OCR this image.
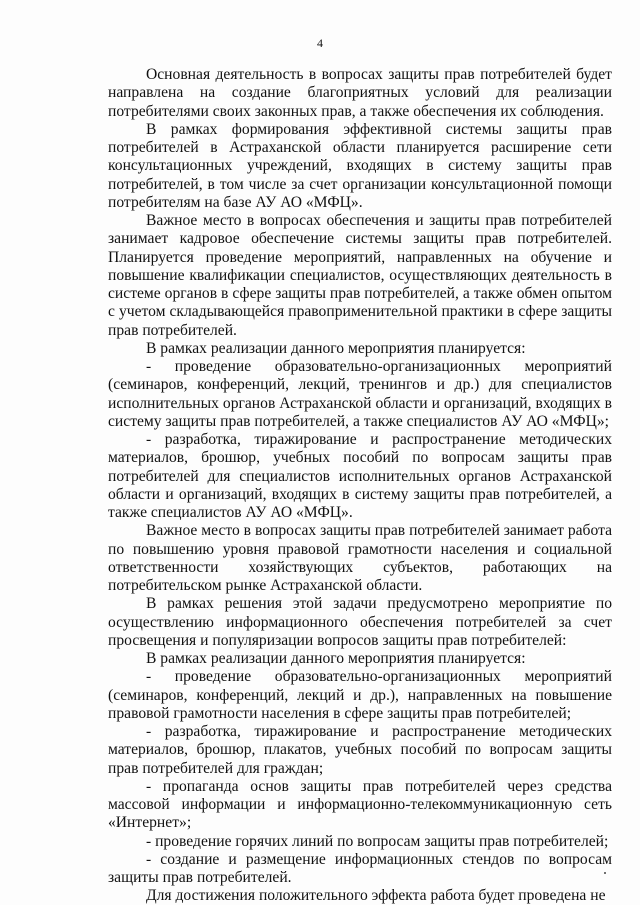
4

Основная деятельность в вопросах защиты прав потребителей будет направлена на создание благоприятных условий для реализации потребителями своих законных прав, а также обеспечения их соблюдения.

В рамках формирования эффективной системы защиты прав потребителей в Астраханской области планируется расширение сети консультационных учреждений, входящих в систему защиты прав потребителей, в том числе за счет организации консультационной помощи потребителям на базе АУ АО «МФЦ».

Важное место в вопросах обеспечения и защиты прав потребителей занимает кадровое обеспечение системы защиты прав потребителей. Планируется проведение мероприятий, направленных на обучение и повышение квалификации специалистов, осуществляющих деятельность в системе органов в сфере защиты прав потребителей, а также обмен опытом с учетом складывающейся правоприменительной практики в сфере защиты прав потребителей.

В рамках реализации данного мероприятия планируется:

- проведение образовательно-организационных мероприятий (семинаров, конференций, лекций, тренингов и др.) для специалистов исполнительных органов Астраханской области и организаций, входящих в систему защиты прав потребителей, а также специалистов АУ АО «МФЦ»;

- разработка, тиражирование и распространение методических материалов, брошюр, учебных пособий по вопросам защиты прав потребителей для специалистов исполнительных органов Астраханской области и организаций, входящих в систему защиты прав потребителей, а также специалистов АУ АО «МФЦ».

Важное место в вопросах защиты прав потребителей занимает работа по повышению уровня правовой грамотности населения и социальной ответственности хозяйствующих субъектов, работающих на потребительском рынке Астраханской области.

В рамках решения этой задачи предусмотрено мероприятие по осуществлению информационного обеспечения потребителей за счет просвещения и популяризации вопросов защиты прав потребителей:

В рамках реализации данного мероприятия планируется:

- проведение образовательно-организационных мероприятий (семинаров, конференций, лекций и др.), направленных на повышение правовой грамотности населения в сфере защиты прав потребителей;

- разработка, тиражирование и распространение методических материалов, брошюр, плакатов, учебных пособий по вопросам защиты прав потребителей для граждан;

- пропаганда основ защиты прав потребителей через средства массовой информации и информационно-телекоммуникационную сеть «Интернет»;

- проведение горячих линий по вопросам защиты прав потребителей;

- создание и размещение информационных стендов по вопросам защиты прав потребителей.

Для достижения положительного эффекта работа будет проведена не
